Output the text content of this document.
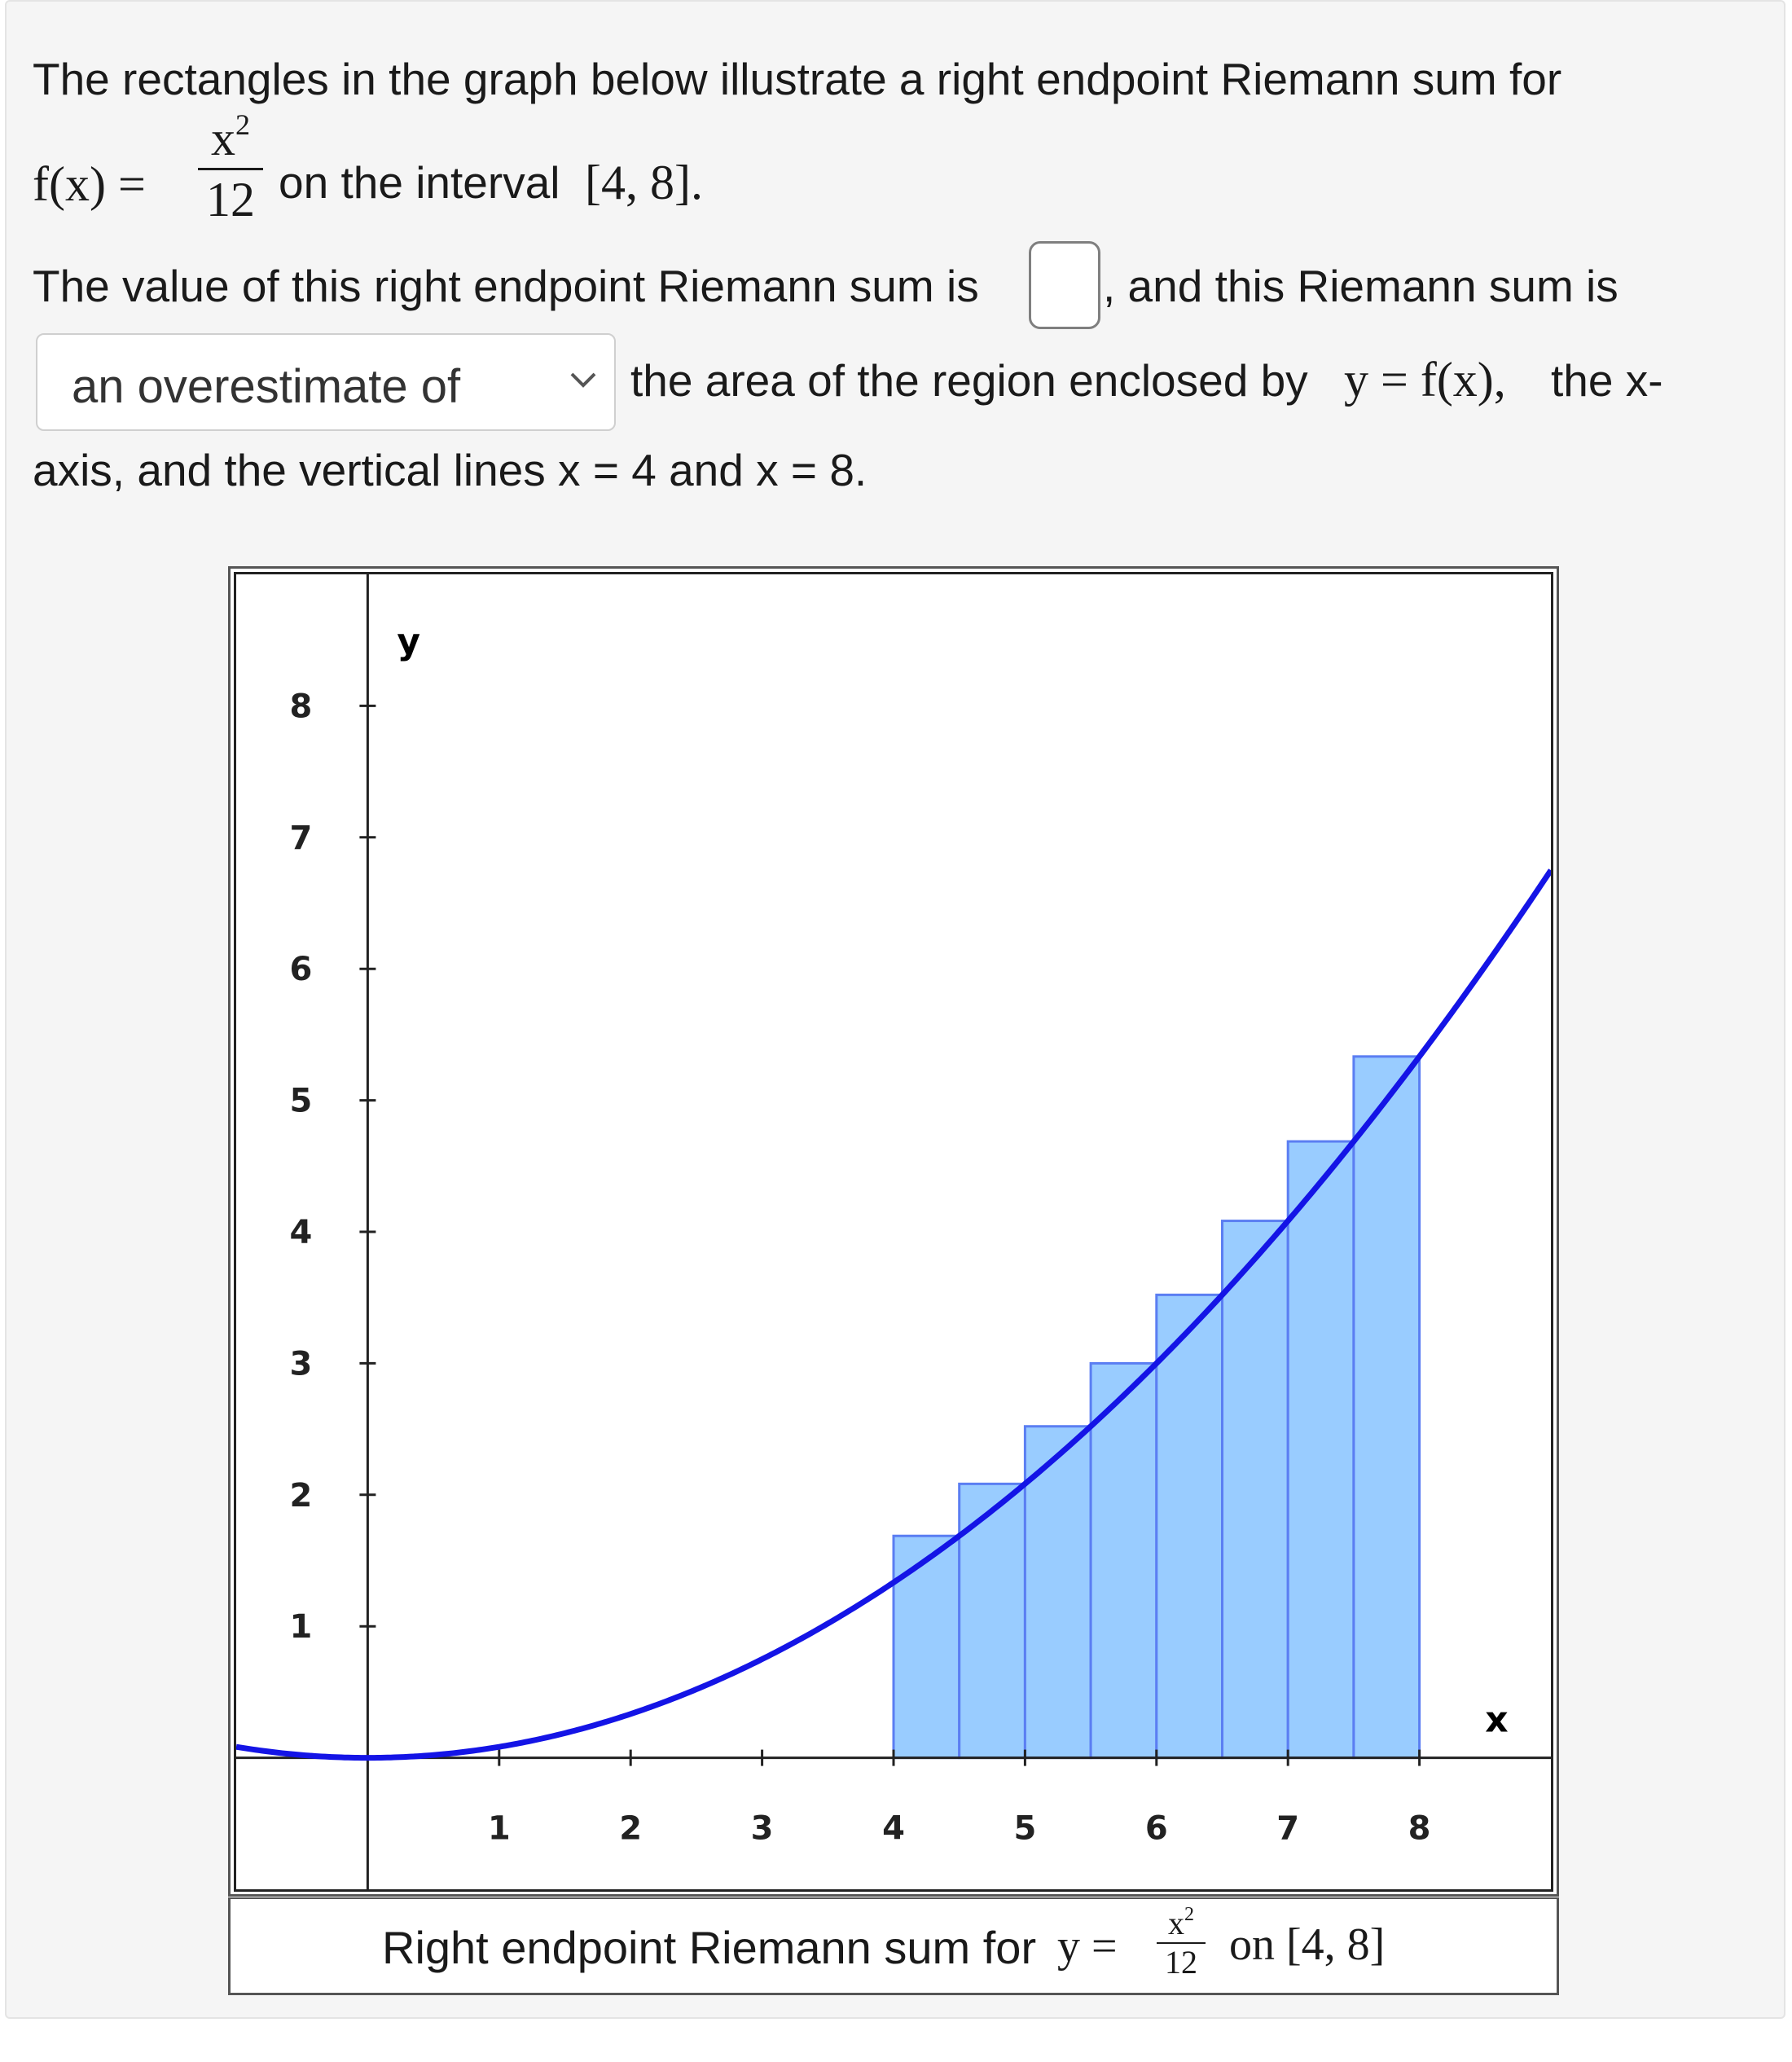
The rectangles in the graph below illustrate a right endpoint Riemann sum for
f(x) =
$x^2$
12 on the interval [4, 8].
The value of this right endpoint Riemann sum is	, and this Riemann sum is
an overestimate of	the area of the region enclosed by y = f(x), the x-
axis, and the vertical lines x = 4 and x = 8.
1	2	3	4	5	6	7	8
1
2
3
4
5
6
7
8
y
x
Right endpoint Riemann sum for y =	$x^2$
12 on [4, 8]
